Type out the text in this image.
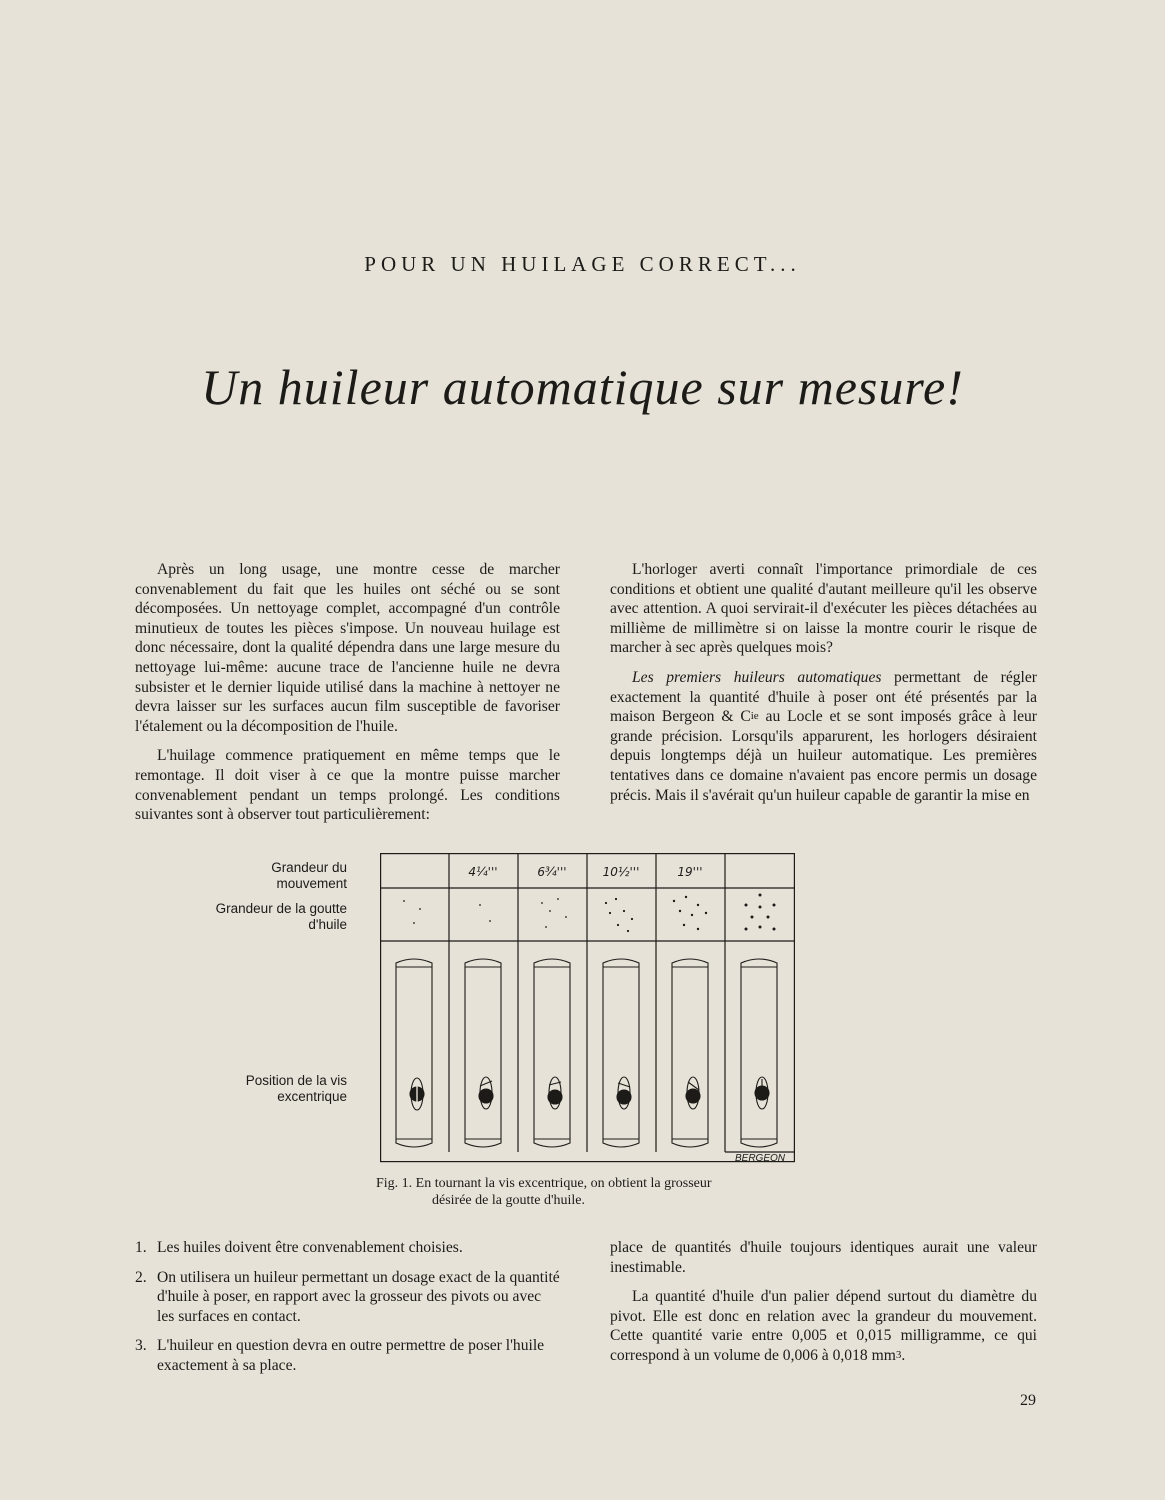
POUR UN HUILAGE CORRECT...
Un huileur automatique sur mesure!

Après un long usage, une montre cesse de marcher convenablement du fait que les huiles ont séché ou se sont décomposées. Un nettoyage complet, accompagné d'un contrôle minutieux de toutes les pièces s'impose. Un nouveau huilage est donc nécessaire, dont la qualité dépendra dans une large mesure du nettoyage lui-même: aucune trace de l'ancienne huile ne devra subsister et le dernier liquide utilisé dans la machine à nettoyer ne devra laisser sur les surfaces aucun film susceptible de favoriser l'étalement ou la décomposition de l'huile.

L'huilage commence pratiquement en même temps que le remontage. Il doit viser à ce que la montre puisse marcher convenablement pendant un temps prolongé. Les conditions suivantes sont à observer tout particulièrement:

L'horloger averti connaît l'importance primordiale de ces conditions et obtient une qualité d'autant meilleure qu'il les observe avec attention. A quoi servirait-il d'exécuter les pièces détachées au millième de millimètre si on laisse la montre courir le risque de marcher à sec après quelques mois?

Les premiers huileurs automatiques permettant de régler exactement la quantité d'huile à poser ont été présentés par la maison Bergeon & $C^{ie}$ au Locle et se sont imposés grâce à leur grande précision. Lorsqu'ils apparurent, les horlogers désiraient depuis longtemps déjà un huileur automatique. Les premières tentatives dans ce domaine n'avaient pas encore permis un dosage précis. Mais il s'avérait qu'un huileur capable de garantir la mise en

Grandeur du mouvement
Grandeur de la goutte d'huile
Position de la vis excentrique
4¼'''	6¾'''	10½'''	19'''
BERGEON
Fig. 1. En tournant la vis excentrique, on obtient la grosseur
désirée de la goutte d'huile.
1. Les huiles doivent être convenablement choisies.
2. On utilisera un huileur permettant un dosage exact de la quantité d'huile à poser, en rapport avec la grosseur des pivots ou avec les surfaces en contact.
3. L'huileur en question devra en outre permettre de poser l'huile exactement à sa place.

place de quantités d'huile toujours identiques aurait une valeur inestimable.

La quantité d'huile d'un palier dépend surtout du diamètre du pivot. Elle est donc en relation avec la grandeur du mouvement. Cette quantité varie entre 0,005 et 0,015 milligramme, ce qui correspond à un volume de 0,006 à 0,018 $mm^3$.

29
